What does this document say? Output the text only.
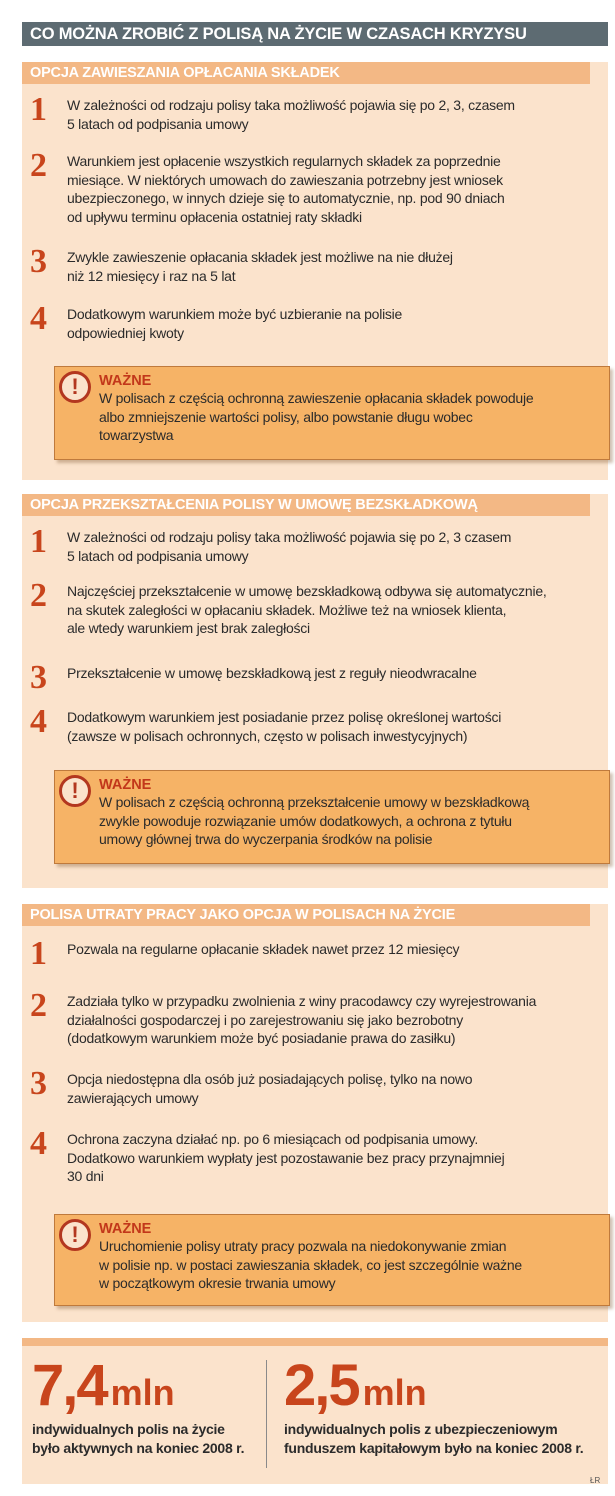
CO MOŻNA ZROBIĆ Z POLISĄ NA ŻYCIE W CZASACH KRYZYSU
OPCJA ZAWIESZANIA OPŁACANIA SKŁADEK
1	W zależności od rodzaju polisy taka możliwość pojawia się po 2, 3, czasem
5 latach od podpisania umowy
2	Warunkiem jest opłacenie wszystkich regularnych składek za poprzednie
miesiące. W niektórych umowach do zawieszania potrzebny jest wniosek
ubezpieczonego, w innych dzieje się to automatycznie, np. pod 90 dniach
od upływu terminu opłacenia ostatniej raty składki
3	Zwykle zawieszenie opłacania składek jest możliwe na nie dłużej
niż 12 miesięcy i raz na 5 lat
4	Dodatkowym warunkiem może być uzbieranie na polisie
odpowiedniej kwoty
!	WAŻNE
W polisach z częścią ochronną zawieszenie opłacania składek powoduje
albo zmniejszenie wartości polisy, albo powstanie długu wobec
towarzystwa
OPCJA PRZEKSZTAŁCENIA POLISY W UMOWĘ BEZSKŁADKOWĄ
1	W zależności od rodzaju polisy taka możliwość pojawia się po 2, 3 czasem
5 latach od podpisania umowy
2	Najczęściej przekształcenie w umowę bezskładkową odbywa się automatycznie,
na skutek zaległości w opłacaniu składek. Możliwe też na wniosek klienta,
ale wtedy warunkiem jest brak zaległości
3	Przekształcenie w umowę bezskładkową jest z reguły nieodwracalne
4	Dodatkowym warunkiem jest posiadanie przez polisę określonej wartości
(zawsze w polisach ochronnych, często w polisach inwestycyjnych)
!	WAŻNE
W polisach z częścią ochronną przekształcenie umowy w bezskładkową
zwykle powoduje rozwiązanie umów dodatkowych, a ochrona z tytułu
umowy głównej trwa do wyczerpania środków na polisie
POLISA UTRATY PRACY JAKO OPCJA W POLISACH NA ŻYCIE
1	Pozwala na regularne opłacanie składek nawet przez 12 miesięcy
2	Zadziała tylko w przypadku zwolnienia z winy pracodawcy czy wyrejestrowania
działalności gospodarczej i po zarejestrowaniu się jako bezrobotny
(dodatkowym warunkiem może być posiadanie prawa do zasiłku)
3	Opcja niedostępna dla osób już posiadających polisę, tylko na nowo
zawierających umowy
4	Ochrona zaczyna działać np. po 6 miesiącach od podpisania umowy.
Dodatkowo warunkiem wypłaty jest pozostawanie bez pracy przynajmniej
30 dni
!	WAŻNE
Uruchomienie polisy utraty pracy pozwala na niedokonywanie zmian
w polisie np. w postaci zawieszania składek, co jest szczególnie ważne
w początkowym okresie trwania umowy
7,4 mln
indywidualnych polis na życie
było aktywnych na koniec 2008 r.
2,5 mln
indywidualnych polis z ubezpieczeniowym
funduszem kapitałowym było na koniec 2008 r.
ŁR
